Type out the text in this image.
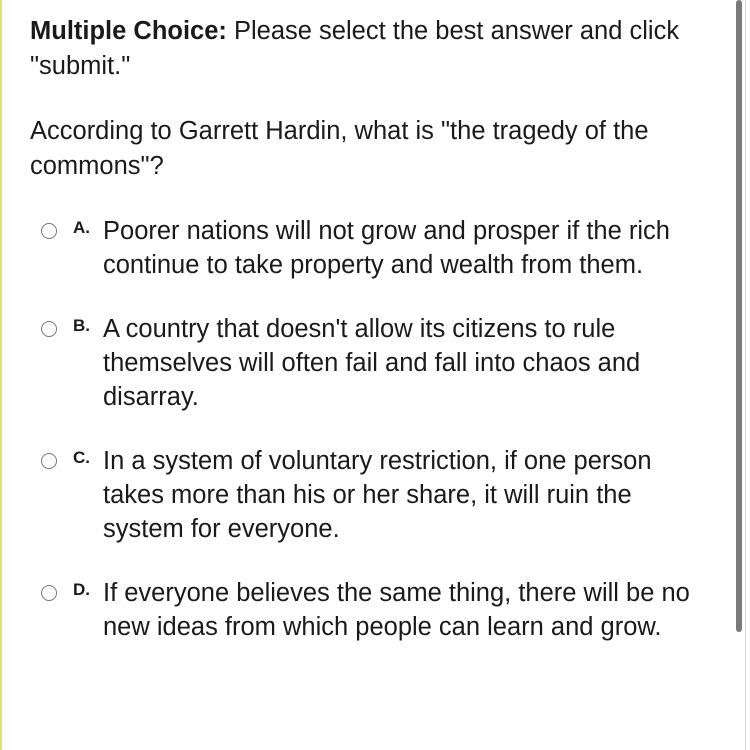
Multiple Choice: Please select the best answer and click "submit."

According to Garrett Hardin, what is "the tragedy of the commons"?

A. Poorer nations will not grow and prosper if the rich continue to take property and wealth from them.
B. A country that doesn't allow its citizens to rule themselves will often fail and fall into chaos and disarray.
C. In a system of voluntary restriction, if one person takes more than his or her share, it will ruin the system for everyone.
D. If everyone believes the same thing, there will be no new ideas from which people can learn and grow.
